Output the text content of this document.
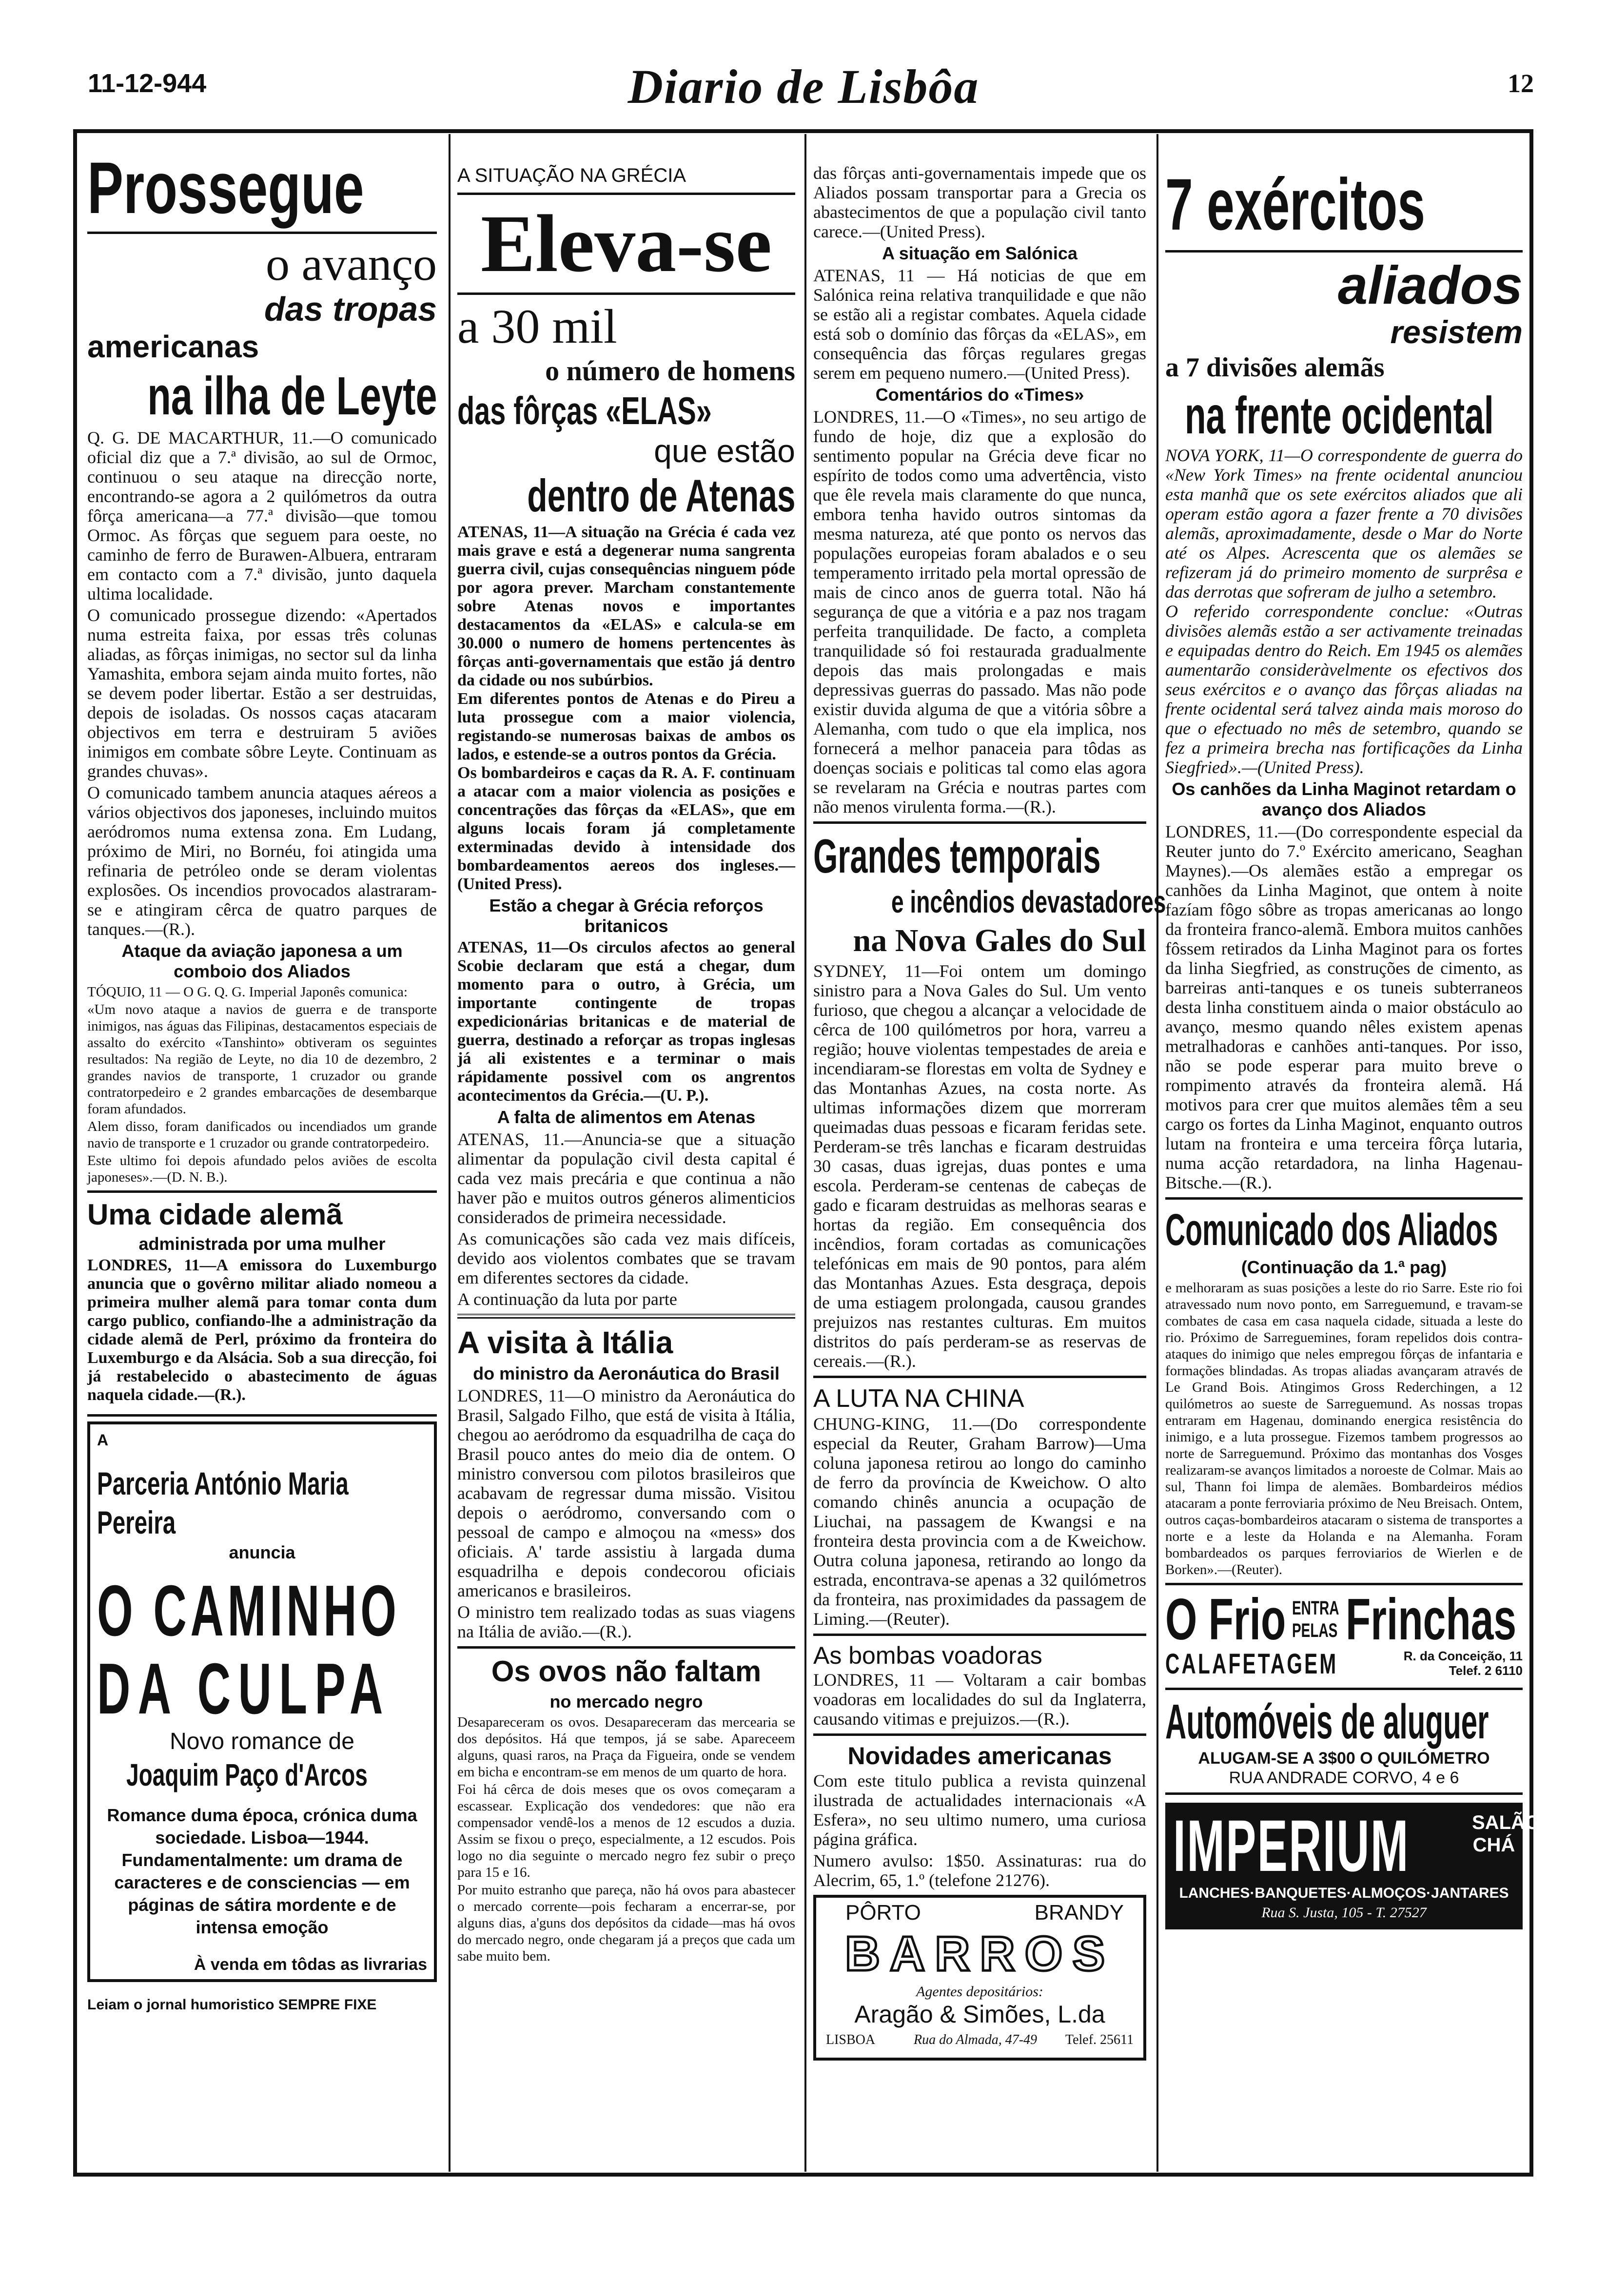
11-12-944	Diario de Lisbôa	12
Prossegue
o avanço
das tropas
americanas
na ilha de Leyte

Q. G. DE MACARTHUR, 11.—O comunicado oficial diz que a 7.ª divisão, ao sul de Ormoc, continuou o seu ataque na direcção norte, encontrando-se agora a 2 quilómetros da outra fôrça americana—a 77.ª divisão—que tomou Ormoc. As fôrças que seguem para oeste, no caminho de ferro de Burawen-Albuera, entraram em contacto com a 7.ª divisão, junto daquela ultima localidade.

O comunicado prossegue dizendo: «Apertados numa estreita faixa, por essas três colunas aliadas, as fôrças inimigas, no sector sul da linha Yamashita, embora sejam ainda muito fortes, não se devem poder libertar. Estão a ser destruidas, depois de isoladas. Os nossos caças atacaram objectivos em terra e destruiram 5 aviões inimigos em combate sôbre Leyte. Continuam as grandes chuvas».

O comunicado tambem anuncia ataques aéreos a vários objectivos dos japoneses, incluindo muitos aeródromos numa extensa zona. Em Ludang, próximo de Miri, no Bornéu, foi atingida uma refinaria de petróleo onde se deram violentas explosões. Os incendios provocados alastraram-se e atingiram cêrca de quatro parques de tanques.—(R.).

Ataque da aviação japonesa a um comboio dos Aliados

TÓQUIO, 11 — O G. Q. G. Imperial Japonês comunica:

«Um novo ataque a navios de guerra e de transporte inimigos, nas águas das Filipinas, destacamentos especiais de assalto do exército «Tanshinto» obtiveram os seguintes resultados: Na região de Leyte, no dia 10 de dezembro, 2 grandes navios de transporte, 1 cruzador ou grande contratorpedeiro e 2 grandes embarcações de desembarque foram afundados.

Alem disso, foram danificados ou incendiados um grande navio de transporte e 1 cruzador ou grande contratorpedeiro.

Este ultimo foi depois afundado pelos aviões de escolta japoneses».—(D. N. B.).

Uma cidade alemã
administrada por uma mulher

LONDRES, 11—A emissora do Luxemburgo anuncia que o govêrno militar aliado nomeou a primeira mulher alemã para tomar conta dum cargo publico, confiando-lhe a administração da cidade alemã de Perl, próximo da fronteira do Luxemburgo e da Alsácia. Sob a sua direcção, foi já restabelecido o abastecimento de águas naquela cidade.—(R.).

A
Parceria António Maria Pereira
anuncia
O CAMINHO
DA CULPA
Novo romance de
Joaquim Paço d'Arcos
Romance duma época, crónica duma sociedade. Lisboa—1944. Fundamentalmente: um drama de caracteres e de consciencias — em páginas de sátira mordente e de intensa emoção
À venda em tôdas as livrarias
Leiam o jornal humoristico SEMPRE FIXE
A SITUAÇÃO NA GRÉCIA
Eleva-se
a 30 mil
o número de homens
das fôrças «ELAS»
que estão
dentro de Atenas

ATENAS, 11—A situação na Grécia é cada vez mais grave e está a degenerar numa sangrenta guerra civil, cujas consequências ninguem póde por agora prever. Marcham constantemente sobre Atenas novos e importantes destacamentos da «ELAS» e calcula-se em 30.000 o numero de homens pertencentes às fôrças anti-governamentais que estão já dentro da cidade ou nos subúrbios.

Em diferentes pontos de Atenas e do Pireu a luta prossegue com a maior violencia, registando-se numerosas baixas de ambos os lados, e estende-se a outros pontos da Grécia.

Os bombardeiros e caças da R. A. F. continuam a atacar com a maior violencia as posições e concentrações das fôrças da «ELAS», que em alguns locais foram já completamente exterminadas devido à intensidade dos bombardeamentos aereos dos ingleses.—(United Press).

Estão a chegar à Grécia reforços britanicos

ATENAS, 11—Os circulos afectos ao general Scobie declaram que está a chegar, dum momento para o outro, à Grécia, um importante contingente de tropas expedicionárias britanicas e de material de guerra, destinado a reforçar as tropas inglesas já ali existentes e a terminar o mais rápidamente possivel com os angrentos acontecimentos da Grécia.—(U. P.).

A falta de alimentos em Atenas

ATENAS, 11.—Anuncia-se que a situação alimentar da população civil desta capital é cada vez mais precária e que continua a não haver pão e muitos outros géneros alimenticios considerados de primeira necessidade.

As comunicações são cada vez mais difíceis, devido aos violentos combates que se travam em diferentes sectores da cidade.

A continuação da luta por parte

A visita à Itália
do ministro da Aeronáutica do Brasil

LONDRES, 11—O ministro da Aeronáutica do Brasil, Salgado Filho, que está de visita à Itália, chegou ao aeródromo da esquadrilha de caça do Brasil pouco antes do meio dia de ontem. O ministro conversou com pilotos brasileiros que acabavam de regressar duma missão. Visitou depois o aeródromo, conversando com o pessoal de campo e almoçou na «mess» dos oficiais. A' tarde assistiu à largada duma esquadrilha e depois condecorou oficiais americanos e brasileiros.

O ministro tem realizado todas as suas viagens na Itália de avião.—(R.).

Os ovos não faltam
no mercado negro

Desapareceram os ovos. Desapareceram das mercearia se dos depósitos. Há que tempos, já se sabe. Apareceem alguns, quasi raros, na Praça da Figueira, onde se vendem em bicha e encontram-se em menos de um quarto de hora.

Foi há cêrca de dois meses que os ovos começaram a escassear. Explicação dos vendedores: que não era compensador vendê-los a menos de 12 escudos a duzia. Assim se fixou o preço, especialmente, a 12 escudos. Pois logo no dia seguinte o mercado negro fez subir o preço para 15 e 16.

Por muito estranho que pareça, não há ovos para abastecer o mercado corrente—pois fecharam a encerrar-se, por alguns dias, a'guns dos depósitos da cidade—mas há ovos do mercado negro, onde chegaram já a preços que cada um sabe muito bem.

das fôrças anti-governamentais impede que os Aliados possam transportar para a Grecia os abastecimentos de que a população civil tanto carece.—(United Press).

A situação em Salónica

ATENAS, 11 — Há noticias de que em Salónica reina relativa tranquilidade e que não se estão ali a registar combates. Aquela cidade está sob o domínio das fôrças da «ELAS», em consequência das fôrças regulares gregas serem em pequeno numero.—(United Press).

Comentários do «Times»

LONDRES, 11.—O «Times», no seu artigo de fundo de hoje, diz que a explosão do sentimento popular na Grécia deve ficar no espírito de todos como uma advertência, visto que êle revela mais claramente do que nunca, embora tenha havido outros sintomas da mesma natureza, até que ponto os nervos das populações europeias foram abalados e o seu temperamento irritado pela mortal opressão de mais de cinco anos de guerra total. Não há segurança de que a vitória e a paz nos tragam perfeita tranquilidade. De facto, a completa tranquilidade só foi restaurada gradualmente depois das mais prolongadas e mais depressivas guerras do passado. Mas não pode existir duvida alguma de que a vitória sôbre a Alemanha, com tudo o que ela implica, nos fornecerá a melhor panaceia para tôdas as doenças sociais e politicas tal como elas agora se revelaram na Grécia e noutras partes com não menos virulenta forma.—(R.).

Grandes temporais
e incêndios devastadores
na Nova Gales do Sul

SYDNEY, 11—Foi ontem um domingo sinistro para a Nova Gales do Sul. Um vento furioso, que chegou a alcançar a velocidade de cêrca de 100 quilómetros por hora, varreu a região; houve violentas tempestades de areia e incendiaram-se florestas em volta de Sydney e das Montanhas Azues, na costa norte. As ultimas informações dizem que morreram queimadas duas pessoas e ficaram feridas sete. Perderam-se três lanchas e ficaram destruidas 30 casas, duas igrejas, duas pontes e uma escola. Perderam-se centenas de cabeças de gado e ficaram destruidas as melhoras searas e hortas da região. Em consequência dos incêndios, foram cortadas as comunicações telefónicas em mais de 90 pontos, para além das Montanhas Azues. Esta desgraça, depois de uma estiagem prolongada, causou grandes prejuizos nas restantes culturas. Em muitos distritos do país perderam-se as reservas de cereais.—(R.).

A LUTA NA CHINA

CHUNG-KING, 11.—(Do correspondente especial da Reuter, Graham Barrow)—Uma coluna japonesa retirou ao longo do caminho de ferro da província de Kweichow. O alto comando chinês anuncia a ocupação de Liuchai, na passagem de Kwangsi e na fronteira desta provincia com a de Kweichow. Outra coluna japonesa, retirando ao longo da estrada, encontrava-se apenas a 32 quilómetros da fronteira, nas proximidades da passagem de Liming.—(Reuter).

As bombas voadoras

LONDRES, 11 — Voltaram a cair bombas voadoras em localidades do sul da Inglaterra, causando vitimas e prejuizos.—(R.).

Novidades americanas

Com este titulo publica a revista quinzenal ilustrada de actualidades internacionais «A Esfera», no seu ultimo numero, uma curiosa página gráfica.

Numero avulso: 1$50. Assinaturas: rua do Alecrim, 65, 1.º (telefone 21276).

PÔRTO	BRANDY
BARROS
Agentes depositários:
Aragão & Simões, L.da
LISBOA	Rua do Almada, 47-49 Telef. 25611
7 exércitos
aliados
resistem
a 7 divisões alemãs
na frente ocidental

NOVA YORK, 11—O correspondente de guerra do «New York Times» na frente ocidental anunciou esta manhã que os sete exércitos aliados que ali operam estão agora a fazer frente a 70 divisões alemãs, aproximadamente, desde o Mar do Norte até os Alpes. Acrescenta que os alemães se refizeram já do primeiro momento de surprêsa e das derrotas que sofreram de julho a setembro.

O referido correspondente conclue: «Outras divisões alemãs estão a ser activamente treinadas e equipadas dentro do Reich. Em 1945 os alemães aumentarão consideràvelmente os efectivos dos seus exércitos e o avanço das fôrças aliadas na frente ocidental será talvez ainda mais moroso do que o efectuado no mês de setembro, quando se fez a primeira brecha nas fortificações da Linha Siegfried».—(United Press).

Os canhões da Linha Maginot retardam o avanço dos Aliados

LONDRES, 11.—(Do correspondente especial da Reuter junto do 7.º Exército americano, Seaghan Maynes).—Os alemães estão a empregar os canhões da Linha Maginot, que ontem à noite fazíam fôgo sôbre as tropas americanas ao longo da fronteira franco-alemã. Embora muitos canhões fôssem retirados da Linha Maginot para os fortes da linha Siegfried, as construções de cimento, as barreiras anti-tanques e os tuneis subterraneos desta linha constituem ainda o maior obstáculo ao avanço, mesmo quando nêles existem apenas metralhadoras e canhões anti-tanques. Por isso, não se pode esperar para muito breve o rompimento através da fronteira alemã. Há motivos para crer que muitos alemães têm a seu cargo os fortes da Linha Maginot, enquanto outros lutam na fronteira e uma terceira fôrça lutaria, numa acção retardadora, na linha Hagenau-Bitsche.—(R.).

Comunicado dos Aliados
(Continuação da 1.ª pag)

e melhoraram as suas posições a leste do rio Sarre. Este rio foi atravessado num novo ponto, em Sarreguemund, e travam-se combates de casa em casa naquela cidade, situada a leste do rio. Próximo de Sarreguemines, foram repelidos dois contra-ataques do inimigo que neles empregou fôrças de infantaria e formações blindadas. As tropas aliadas avançaram através de Le Grand Bois. Atingimos Gross Rederchingen, a 12 quilómetros ao sueste de Sarreguemund. As nossas tropas entraram em Hagenau, dominando energica resistência do inimigo, e a luta prossegue. Fizemos tambem progressos ao norte de Sarreguemund. Próximo das montanhas dos Vosges realizaram-se avanços limitados a noroeste de Colmar. Mais ao sul, Thann foi limpa de alemães. Bombardeiros médios atacaram a ponte ferroviaria próximo de Neu Breisach. Ontem, outros caças-bombardeiros atacaram o sistema de transportes a norte e a leste da Holanda e na Alemanha. Foram bombardeados os parques ferroviarios de Wierlen e de Borken».—(Reuter).

O Frio ENTRA PELAS Frinchas
CALAFETAGEM	R. da Conceição, 11
Telef. 2 6110
Automóveis de aluguer
ALUGAM-SE A 3$00 O QUILÓMETRO
RUA ANDRADE CORVO, 4 e 6
IMPERIUM	SALÃO CHÁ
LANCHES·BANQUETES·ALMOÇOS·JANTARES
Rua S. Justa, 105 - T. 27527
